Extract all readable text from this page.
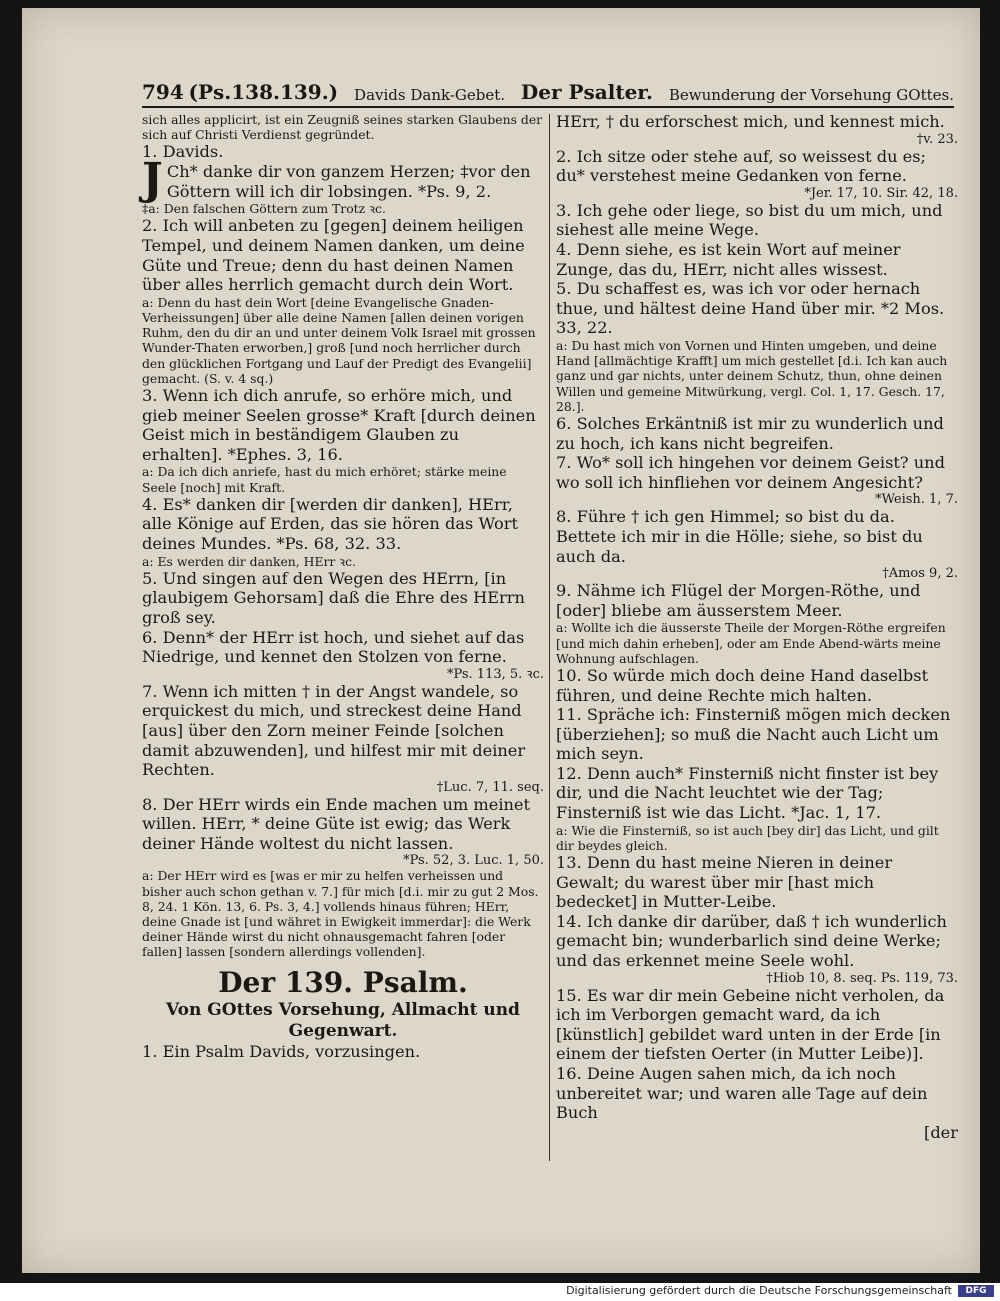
794 (Ps.138.139.) Davids Dank-Gebet. Der Psalter. Bewunderung der Vorsehung GOttes.

sich alles applicirt, ist ein Zeugniß seines starken Glaubens der sich auf Christi Verdienst gegründet.

1. Davids.

J Ch* danke dir von ganzem Herzen; ‡vor den Göttern will ich dir lobsingen. *Ps. 9, 2.

‡a: Den falschen Göttern zum Trotz ꝛc.

2. Ich will anbeten zu [gegen] deinem heiligen Tempel, und deinem Namen danken, um deine Güte und Treue; denn du hast deinen Namen über alles herrlich gemacht durch dein Wort.

a: Denn du hast dein Wort [deine Evangelische Gnaden-Verheissungen] über alle deine Namen [allen deinen vorigen Ruhm, den du dir an und unter deinem Volk Israel mit grossen Wunder-Thaten erworben,] groß [und noch herrlicher durch den glücklichen Fortgang und Lauf der Predigt des Evangelii] gemacht. (S. v. 4 sq.)

3. Wenn ich dich anrufe, so erhöre mich, und gieb meiner Seelen grosse* Kraft [durch deinen Geist mich in beständigem Glauben zu erhalten]. *Ephes. 3, 16.

a: Da ich dich anriefe, hast du mich erhöret; stärke meine Seele [noch] mit Kraft.

4. Es* danken dir [werden dir danken], HErr, alle Könige auf Erden, das sie hören das Wort deines Mundes. *Ps. 68, 32. 33.

a: Es werden dir danken, HErr ꝛc.

5. Und singen auf den Wegen des HErrn, [in glaubigem Gehorsam] daß die Ehre des HErrn groß sey.

6. Denn* der HErr ist hoch, und siehet auf das Niedrige, und kennet den Stolzen von ferne.

*Ps. 113, 5. ꝛc.

7. Wenn ich mitten † in der Angst wandele, so erquickest du mich, und streckest deine Hand [aus] über den Zorn meiner Feinde [solchen damit abzuwenden], und hilfest mir mit deiner Rechten.

†Luc. 7, 11. seq.

8. Der HErr wirds ein Ende machen um meinet willen. HErr, * deine Güte ist ewig; das Werk deiner Hände woltest du nicht lassen.

*Ps. 52, 3. Luc. 1, 50.

a: Der HErr wird es [was er mir zu helfen verheissen und bisher auch schon gethan v. 7.] für mich [d.i. mir zu gut 2 Mos. 8, 24. 1 Kön. 13, 6. Ps. 3, 4.] vollends hinaus führen; HErr, deine Gnade ist [und währet in Ewigkeit immerdar]: die Werk deiner Hände wirst du nicht ohnausgemacht fahren [oder fallen] lassen [sondern allerdings vollenden].

Der 139. Psalm.

Von GOttes Vorsehung, Allmacht und Gegenwart.

1. Ein Psalm Davids, vorzusingen.

HErr, † du erforschest mich, und kennest mich.

†v. 23.

2. Ich sitze oder stehe auf, so weissest du es; du* verstehest meine Gedanken von ferne.

*Jer. 17, 10. Sir. 42, 18.

3. Ich gehe oder liege, so bist du um mich, und siehest alle meine Wege.

4. Denn siehe, es ist kein Wort auf meiner Zunge, das du, HErr, nicht alles wissest.

5. Du schaffest es, was ich vor oder hernach thue, und hältest deine Hand über mir. *2 Mos. 33, 22.

a: Du hast mich von Vornen und Hinten umgeben, und deine Hand [allmächtige Krafft] um mich gestellet [d.i. Ich kan auch ganz und gar nichts, unter deinem Schutz, thun, ohne deinen Willen und gemeine Mitwürkung, vergl. Col. 1, 17. Gesch. 17, 28.].

6. Solches Erkäntniß ist mir zu wunderlich und zu hoch, ich kans nicht begreifen.

7. Wo* soll ich hingehen vor deinem Geist? und wo soll ich hinfliehen vor deinem Angesicht?

*Weish. 1, 7.

8. Führe † ich gen Himmel; so bist du da. Bettete ich mir in die Hölle; siehe, so bist du auch da.

†Amos 9, 2.

9. Nähme ich Flügel der Morgen-Röthe, und [oder] bliebe am äusserstem Meer.

a: Wollte ich die äusserste Theile der Morgen-Röthe ergreifen [und mich dahin erheben], oder am Ende Abend-wärts meine Wohnung aufschlagen.

10. So würde mich doch deine Hand daselbst führen, und deine Rechte mich halten.

11. Spräche ich: Finsterniß mögen mich decken [überziehen]; so muß die Nacht auch Licht um mich seyn.

12. Denn auch* Finsterniß nicht finster ist bey dir, und die Nacht leuchtet wie der Tag; Finsterniß ist wie das Licht. *Jac. 1, 17.

a: Wie die Finsterniß, so ist auch [bey dir] das Licht, und gilt dir beydes gleich.

13. Denn du hast meine Nieren in deiner Gewalt; du warest über mir [hast mich bedecket] in Mutter-Leibe.

14. Ich danke dir darüber, daß † ich wunderlich gemacht bin; wunderbarlich sind deine Werke; und das erkennet meine Seele wohl.

†Hiob 10, 8. seq. Ps. 119, 73.

15. Es war dir mein Gebeine nicht verholen, da ich im Verborgen gemacht ward, da ich [künstlich] gebildet ward unten in der Erde [in einem der tiefsten Oerter (in Mutter Leibe)].

16. Deine Augen sahen mich, da ich noch unbereitet war; und waren alle Tage auf dein Buch

[der

Digitalisierung gefördert durch die Deutsche Forschungsgemeinschaft	DFG
